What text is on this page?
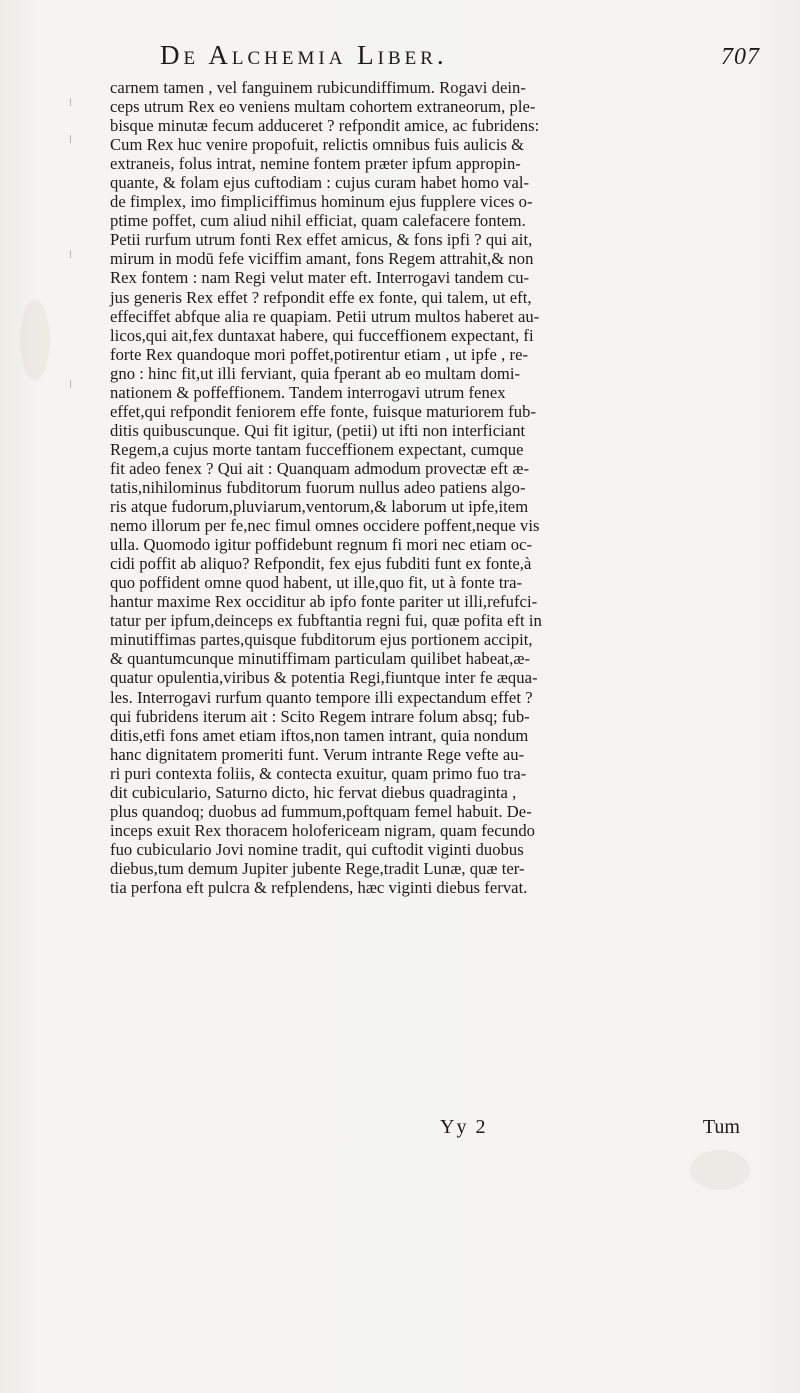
De Alchemia Liber.	707
carnem tamen , vel fanguinem rubicundiffimum. Rogavi dein-
ceps utrum Rex eo veniens multam cohortem extraneorum, ple-
bisque minutæ fecum adduceret ? refpondit amice, ac fubridens:
Cum Rex huc venire propofuit, relictis omnibus fuis aulicis &
extraneis, folus intrat, nemine fontem præter ipfum appropin-
quante, & folam ejus cuftodiam : cujus curam habet homo val-
de fimplex, imo fimpliciffimus hominum ejus fupplere vices o-
ptime poffet, cum aliud nihil efficiat, quam calefacere fontem.
Petii rurfum utrum fonti Rex effet amicus, & fons ipfi ? qui ait,
mirum in modū fefe viciffim amant, fons Regem attrahit,& non
Rex fontem : nam Regi velut mater eft. Interrogavi tandem cu-
jus generis Rex effet ? refpondit effe ex fonte, qui talem, ut eft,
effeciffet abfque alia re quapiam. Petii utrum multos haberet au-
licos,qui ait,fex duntaxat habere, qui fucceffionem expectant, fi
forte Rex quandoque mori poffet,potirentur etiam , ut ipfe , re-
gno : hinc fit,ut illi ferviant, quia fperant ab eo multam domi-
nationem & poffeffionem. Tandem interrogavi utrum fenex
effet,qui refpondit feniorem effe fonte, fuisque maturiorem fub-
ditis quibuscunque. Qui fit igitur, (petii) ut ifti non interficiant
Regem,a cujus morte tantam fucceffionem expectant, cumque
fit adeo fenex ? Qui ait : Quanquam admodum provectæ eft æ-
tatis,nihilominus fubditorum fuorum nullus adeo patiens algo-
ris atque fudorum,pluviarum,ventorum,& laborum ut ipfe,item
nemo illorum per fe,nec fimul omnes occidere poffent,neque vis
ulla. Quomodo igitur poffidebunt regnum fi mori nec etiam oc-
cidi poffit ab aliquo? Refpondit, fex ejus fubditi funt ex fonte,à
quo poffident omne quod habent, ut ille,quo fit, ut à fonte tra-
hantur maxime Rex occiditur ab ipfo fonte pariter ut illi,refufci-
tatur per ipfum,deinceps ex fubftantia regni fui, quæ pofita eft in
minutiffimas partes,quisque fubditorum ejus portionem accipit,
& quantumcunque minutiffimam particulam quilibet habeat,æ-
quatur opulentia,viribus & potentia Regi,fiuntque inter fe æqua-
les. Interrogavi rurfum quanto tempore illi expectandum effet ?
qui fubridens iterum ait : Scito Regem intrare folum absq; fub-
ditis,etfi fons amet etiam iftos,non tamen intrant, quia nondum
hanc dignitatem promeriti funt. Verum intrante Rege vefte au-
ri puri contexta foliis, & contecta exuitur, quam primo fuo tra-
dit cubiculario, Saturno dicto, hic fervat diebus quadraginta ,
plus quandoq; duobus ad fummum,poftquam femel habuit. De-
inceps exuit Rex thoracem holofericeam nigram, quam fecundo
fuo cubiculario Jovi nomine tradit, qui cuftodit viginti duobus
diebus,tum demum Jupiter jubente Rege,tradit Lunæ, quæ ter-
tia perfona eft pulcra & refplendens, hæc viginti diebus fervat.
Yy 2	Tum
